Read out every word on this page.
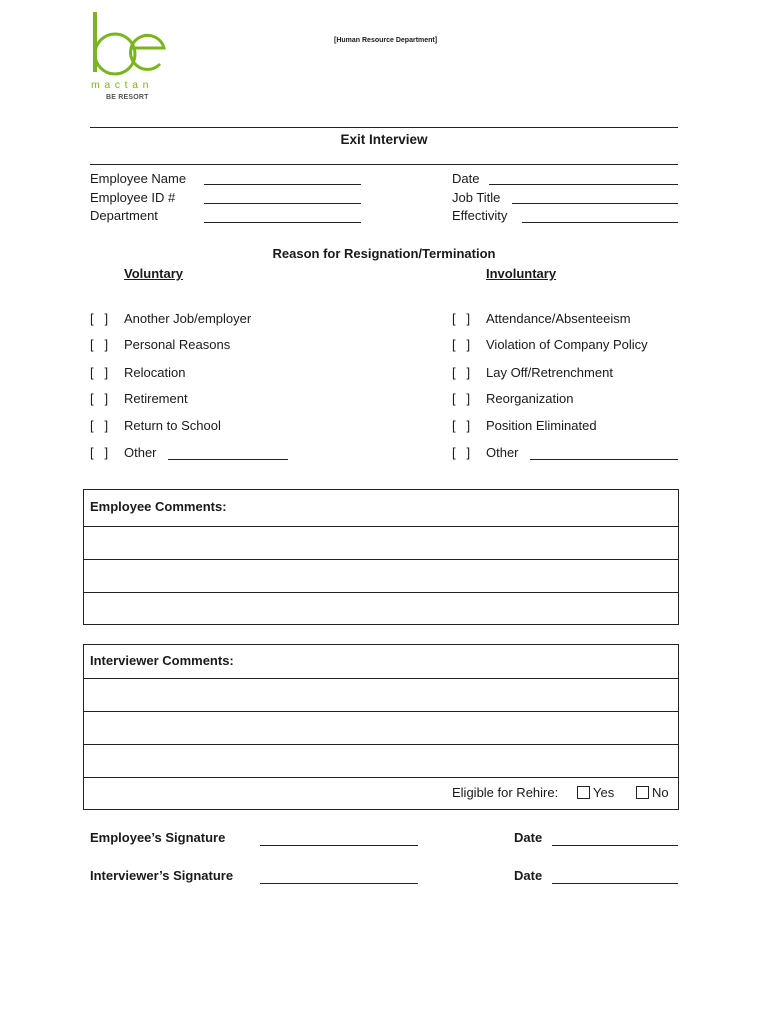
mactan
BE RESORT
[Human Resource Department]
Exit Interview
Employee Name
Employee ID #
Department
Date
Job Title
Effectivity
Reason for Resignation/Termination
Voluntary	Involuntary
[   ] Another Job/employer
[   ] Personal Reasons
[   ] Relocation
[   ] Retirement
[   ] Return to School
[   ] Other
[   ] Attendance/Absenteeism
[   ] Violation of Company Policy
[   ] Lay Off/Retrenchment
[   ] Reorganization
[   ] Position Eliminated
[   ] Other
Employee Comments:
Interviewer Comments:
Eligible for Rehire:	Yes	No
Employee’s Signature	Date
Interviewer’s Signature	Date
